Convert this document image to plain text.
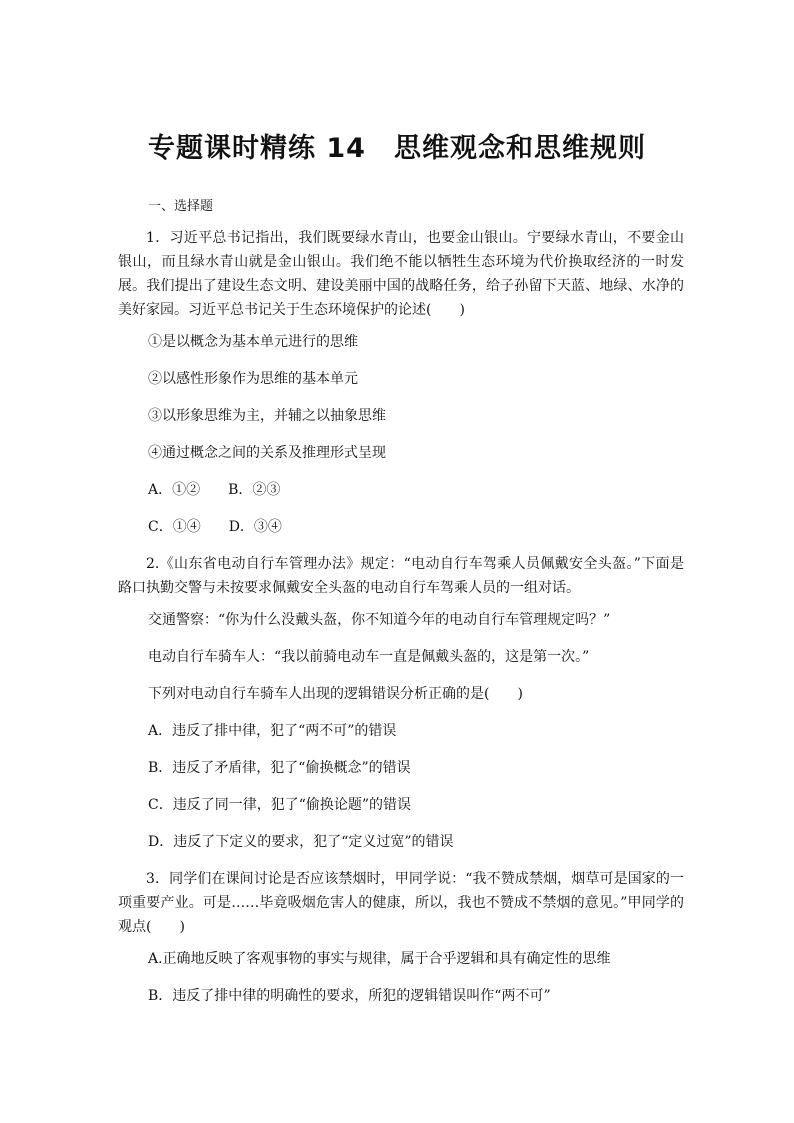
专题课时精练 14　思维观念和思维规则
一、选择题

1．习近平总书记指出，我们既要绿水青山，也要金山银山。宁要绿水青山，不要金山银山，而且绿水青山就是金山银山。我们绝不能以牺牲生态环境为代价换取经济的一时发展。我们提出了建设生态文明、建设美丽中国的战略任务，给子孙留下天蓝、地绿、水净的美好家园。习近平总书记关于生态环境保护的论述(　　)

①是以概念为基本单元进行的思维

②以感性形象作为思维的基本单元

③以形象思维为主，并辅之以抽象思维

④通过概念之间的关系及推理形式呈现

A．①②　　B．②③

C．①④　　D．③④

2.《山东省电动自行车管理办法》规定：“电动自行车驾乘人员佩戴安全头盔。”下面是路口执勤交警与未按要求佩戴安全头盔的电动自行车驾乘人员的一组对话。

交通警察：“你为什么没戴头盔，你不知道今年的电动自行车管理规定吗？”

电动自行车骑车人：“我以前骑电动车一直是佩戴头盔的，这是第一次。”

下列对电动自行车骑车人出现的逻辑错误分析正确的是(　　)

A．违反了排中律，犯了“两不可”的错误

B．违反了矛盾律，犯了“偷换概念”的错误

C．违反了同一律，犯了“偷换论题”的错误

D．违反了下定义的要求，犯了“定义过宽”的错误

3．同学们在课间讨论是否应该禁烟时，甲同学说：“我不赞成禁烟，烟草可是国家的一项重要产业。可是……毕竟吸烟危害人的健康，所以，我也不赞成不禁烟的意见。”甲同学的观点(　　)

A.正确地反映了客观事物的事实与规律，属于合乎逻辑和具有确定性的思维

B．违反了排中律的明确性的要求，所犯的逻辑错误叫作“两不可”
